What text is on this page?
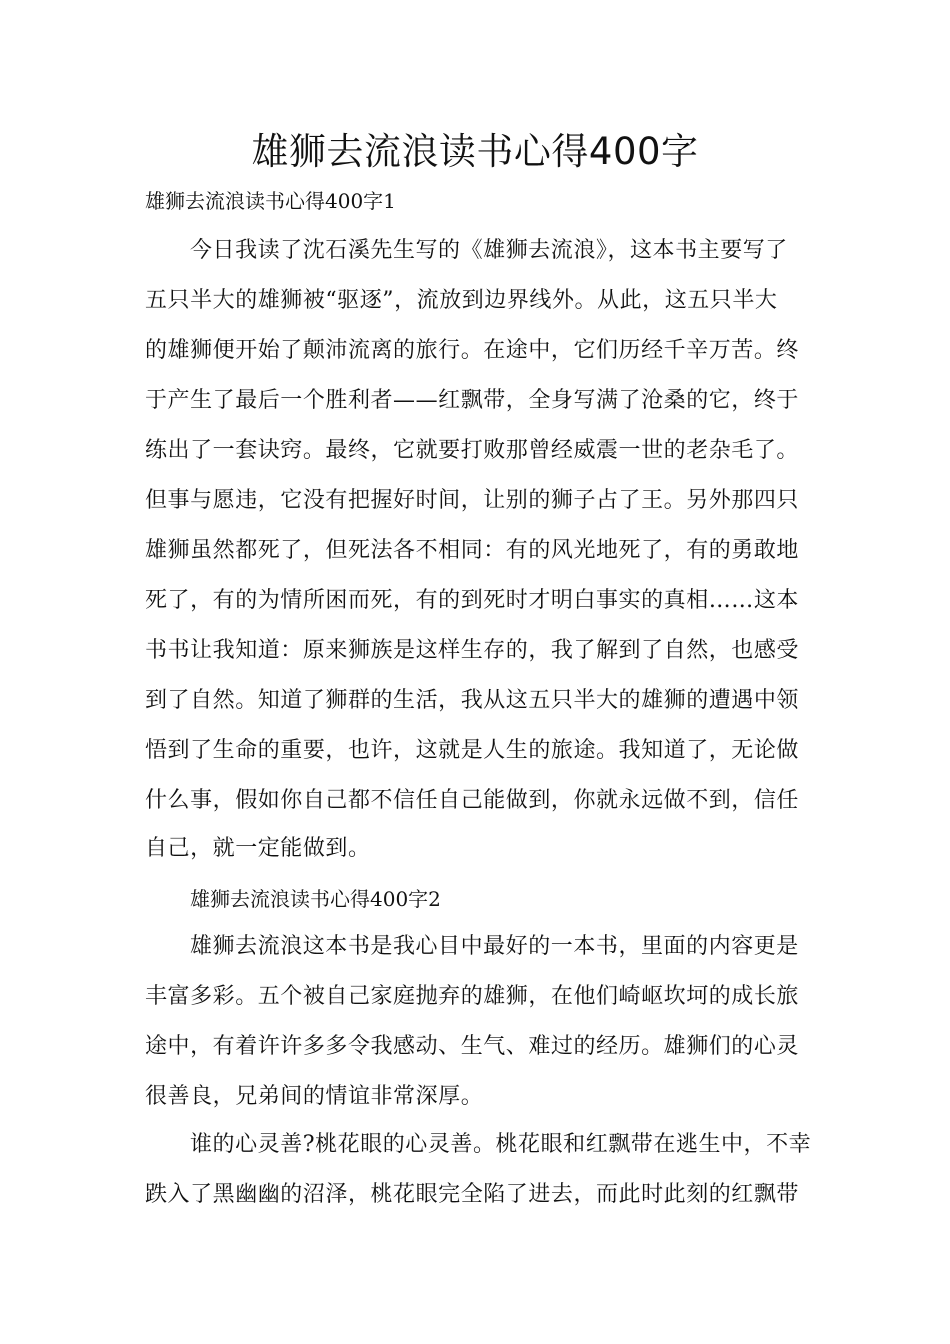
雄狮去流浪读书心得400字
雄狮去流浪读书心得400字1
今日我读了沈石溪先生写的《雄狮去流浪》，这本书主要写了
五只半大的雄狮被“驱逐”，流放到边界线外。从此，这五只半大
的雄狮便开始了颠沛流离的旅行。在途中，它们历经千辛万苦。终
于产生了最后一个胜利者——红飘带，全身写满了沧桑的它，终于
练出了一套诀窍。最终，它就要打败那曾经威震一世的老杂毛了。
但事与愿违，它没有把握好时间，让别的狮子占了王。另外那四只
雄狮虽然都死了，但死法各不相同：有的风光地死了，有的勇敢地
死了，有的为情所困而死，有的到死时才明白事实的真相……这本
书书让我知道：原来狮族是这样生存的，我了解到了自然，也感受
到了自然。知道了狮群的生活，我从这五只半大的雄狮的遭遇中领
悟到了生命的重要，也许，这就是人生的旅途。我知道了，无论做
什么事，假如你自己都不信任自己能做到，你就永远做不到，信任
自己，就一定能做到。
雄狮去流浪读书心得400字2
雄狮去流浪这本书是我心目中最好的一本书，里面的内容更是
丰富多彩。五个被自己家庭抛弃的雄狮，在他们崎岖坎坷的成长旅
途中，有着许许多多令我感动、生气、难过的经历。雄狮们的心灵
很善良，兄弟间的情谊非常深厚。
谁的心灵善?桃花眼的心灵善。桃花眼和红飘带在逃生中，不幸
跌入了黑幽幽的沼泽，桃花眼完全陷了进去，而此时此刻的红飘带
